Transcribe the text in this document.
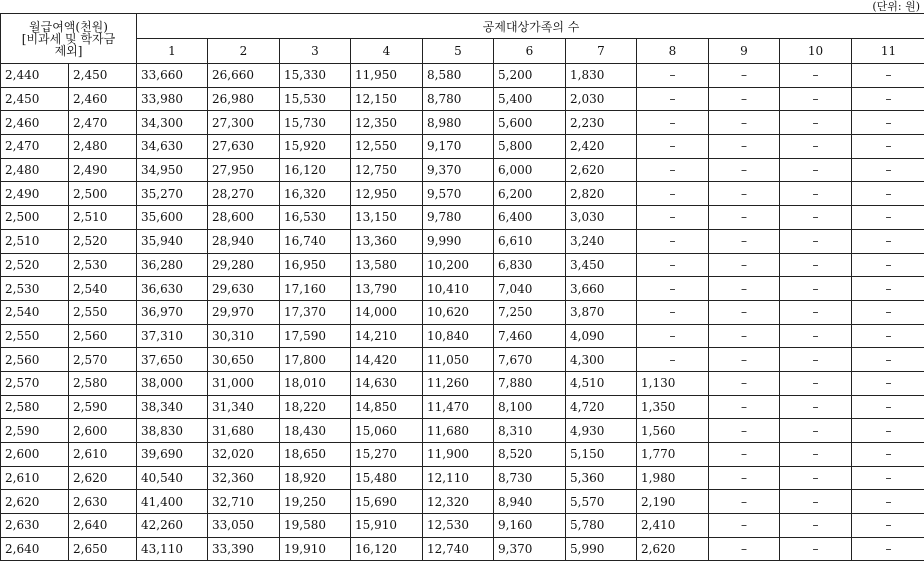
(단위: 원)
월급여액(천원)
[비과세 및 학자금
제외]		공제대상가족의 수										
		1	2	3	4	5	6	7	8	9	10	11
2,440	2,450	33,660	26,660	15,330	11,950	8,580	5,200	1,830	–	–	–	–
2,450	2,460	33,980	26,980	15,530	12,150	8,780	5,400	2,030	–	–	–	–
2,460	2,470	34,300	27,300	15,730	12,350	8,980	5,600	2,230	–	–	–	–
2,470	2,480	34,630	27,630	15,920	12,550	9,170	5,800	2,420	–	–	–	–
2,480	2,490	34,950	27,950	16,120	12,750	9,370	6,000	2,620	–	–	–	–
2,490	2,500	35,270	28,270	16,320	12,950	9,570	6,200	2,820	–	–	–	–
2,500	2,510	35,600	28,600	16,530	13,150	9,780	6,400	3,030	–	–	–	–
2,510	2,520	35,940	28,940	16,740	13,360	9,990	6,610	3,240	–	–	–	–
2,520	2,530	36,280	29,280	16,950	13,580	10,200	6,830	3,450	–	–	–	–
2,530	2,540	36,630	29,630	17,160	13,790	10,410	7,040	3,660	–	–	–	–
2,540	2,550	36,970	29,970	17,370	14,000	10,620	7,250	3,870	–	–	–	–
2,550	2,560	37,310	30,310	17,590	14,210	10,840	7,460	4,090	–	–	–	–
2,560	2,570	37,650	30,650	17,800	14,420	11,050	7,670	4,300	–	–	–	–
2,570	2,580	38,000	31,000	18,010	14,630	11,260	7,880	4,510	1,130	–	–	–
2,580	2,590	38,340	31,340	18,220	14,850	11,470	8,100	4,720	1,350	–	–	–
2,590	2,600	38,830	31,680	18,430	15,060	11,680	8,310	4,930	1,560	–	–	–
2,600	2,610	39,690	32,020	18,650	15,270	11,900	8,520	5,150	1,770	–	–	–
2,610	2,620	40,540	32,360	18,920	15,480	12,110	8,730	5,360	1,980	–	–	–
2,620	2,630	41,400	32,710	19,250	15,690	12,320	8,940	5,570	2,190	–	–	–
2,630	2,640	42,260	33,050	19,580	15,910	12,530	9,160	5,780	2,410	–	–	–
2,640	2,650	43,110	33,390	19,910	16,120	12,740	9,370	5,990	2,620	–	–	–
